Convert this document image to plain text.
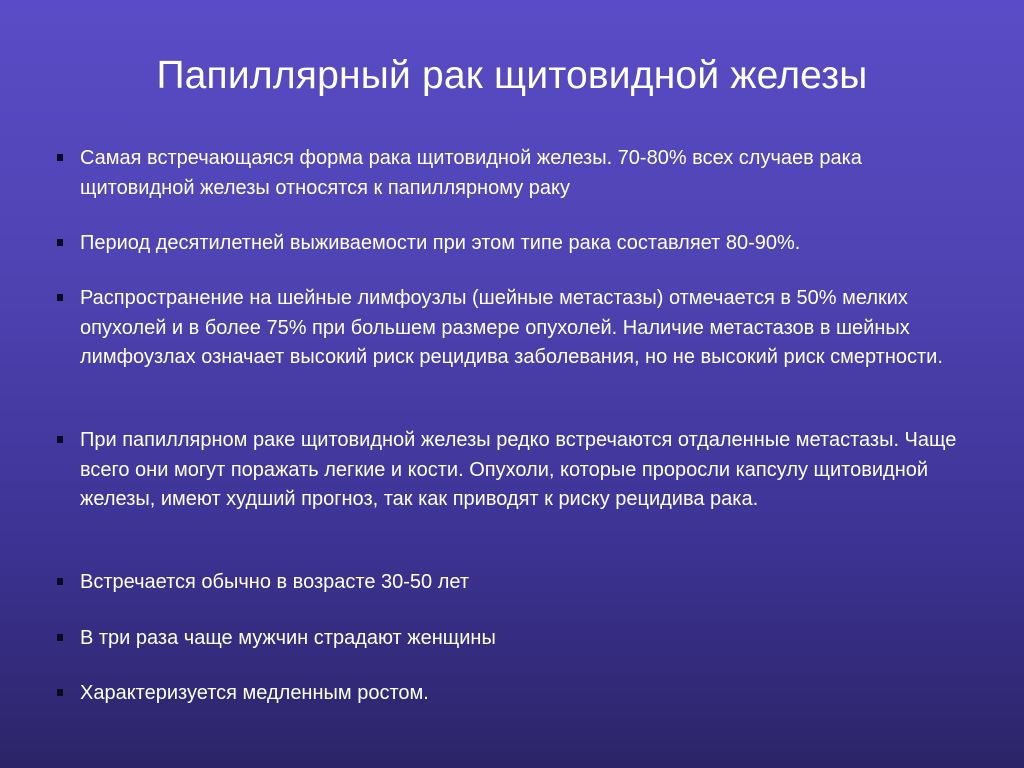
Папиллярный рак щитовидной железы
Самая встречающаяся форма рака щитовидной железы. 70-80% всех случаев рака щитовидной железы относятся к папиллярному раку
Период десятилетней выживаемости при этом типе рака составляет 80-90%.
Распространение на шейные лимфоузлы (шейные метастазы) отмечается в 50% мелких опухолей и в более 75% при большем размере опухолей. Наличие метастазов в шейных лимфоузлах означает высокий риск рецидива заболевания, но не высокий риск смертности.
При папиллярном раке щитовидной железы редко встречаются отдаленные метастазы. Чаще всего они могут поражать легкие и кости. Опухоли, которые проросли капсулу щитовидной железы, имеют худший прогноз, так как приводят к риску рецидива рака.
Встречается обычно в возрасте 30-50 лет
В три раза чаще мужчин страдают женщины
Характеризуется медленным ростом.
